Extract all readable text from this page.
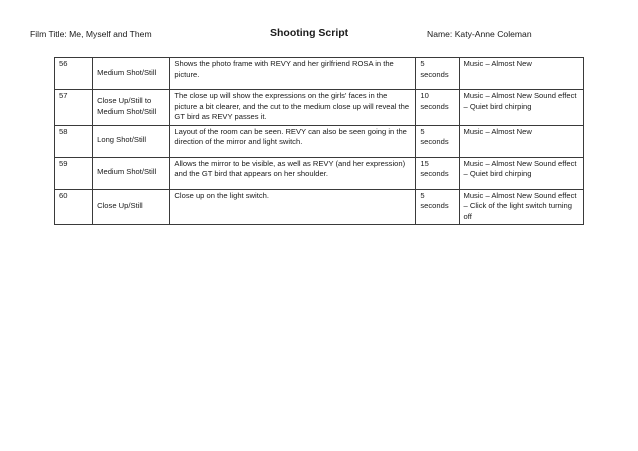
Film Title: Me, Myself and Them	Shooting Script	Name: Katy-Anne Coleman
56	Medium Shot/Still	Shows the photo frame with REVY and her girlfriend ROSA in the picture.	5 seconds	Music – Almost New
57	Close Up/Still to Medium Shot/Still	The close up will show the expressions on the girls' faces in the picture a bit clearer, and the cut to the medium close up will reveal the GT bird as REVY passes it.	10 seconds	Music – Almost New Sound effect – Quiet bird chirping
58	Long Shot/Still	Layout of the room can be seen. REVY can also be seen going in the direction of the mirror and light switch.	5 seconds	Music – Almost New
59	Medium Shot/Still	Allows the mirror to be visible, as well as REVY (and her expression) and the GT bird that appears on her shoulder.	15 seconds	Music – Almost New Sound effect – Quiet bird chirping
60	Close Up/Still	Close up on the light switch.	5 seconds	Music – Almost New Sound effect – Click of the light switch turning off
